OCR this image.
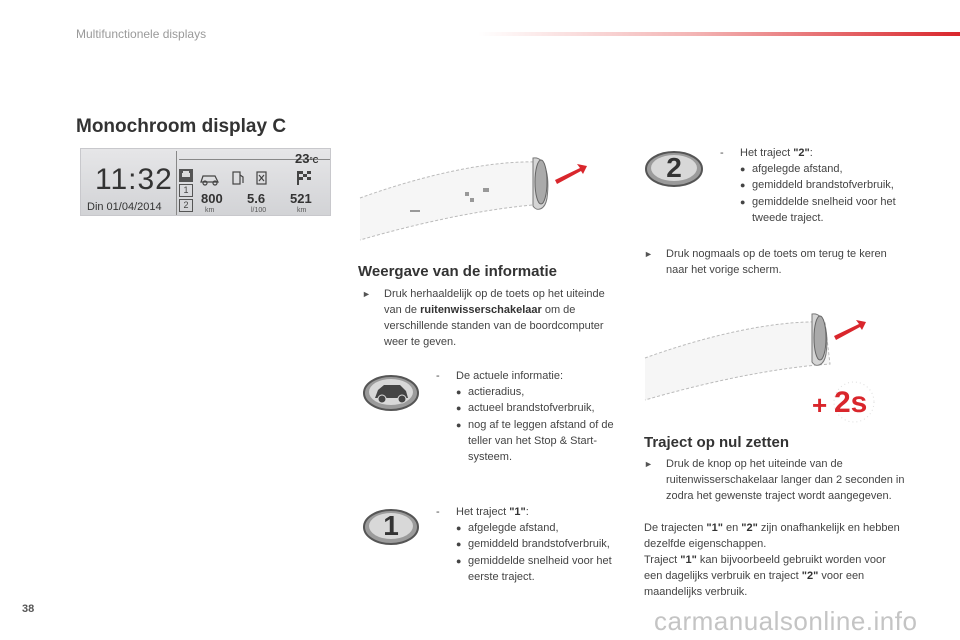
Multifunctionele displays
Monochroom display C
11:32
Din 01/04/2014
23°C
1
2 800
km
5.6
l/100
521
km
+ 2s
1
2
Weergave van de informatie
►	Druk herhaaldelijk op de toets op het uiteinde van de ruitenwisserschakelaar om de verschillende standen van de boordcomputer weer te geven.
-	De actuele informatie:
● actieradius,
● actueel brandstofverbruik,
● nog af te leggen afstand of de teller van het Stop & Start-systeem.
-	Het traject "1":
● afgelegde afstand,
● gemiddeld brandstofverbruik,
● gemiddelde snelheid voor het eerste traject.
-	Het traject "2":
● afgelegde afstand,
● gemiddeld brandstofverbruik,
● gemiddelde snelheid voor het tweede traject.
►	Druk nogmaals op de toets om terug te keren naar het vorige scherm.
Traject op nul zetten
►	Druk de knop op het uiteinde van de ruitenwisserschakelaar langer dan 2 seconden in zodra het gewenste traject wordt aangegeven.
De trajecten "1" en "2" zijn onafhankelijk en hebben dezelfde eigenschappen.
Traject "1" kan bijvoorbeeld gebruikt worden voor een dagelijks verbruik en traject "2" voor een maandelijks verbruik.
38	carmanualsonline.info
